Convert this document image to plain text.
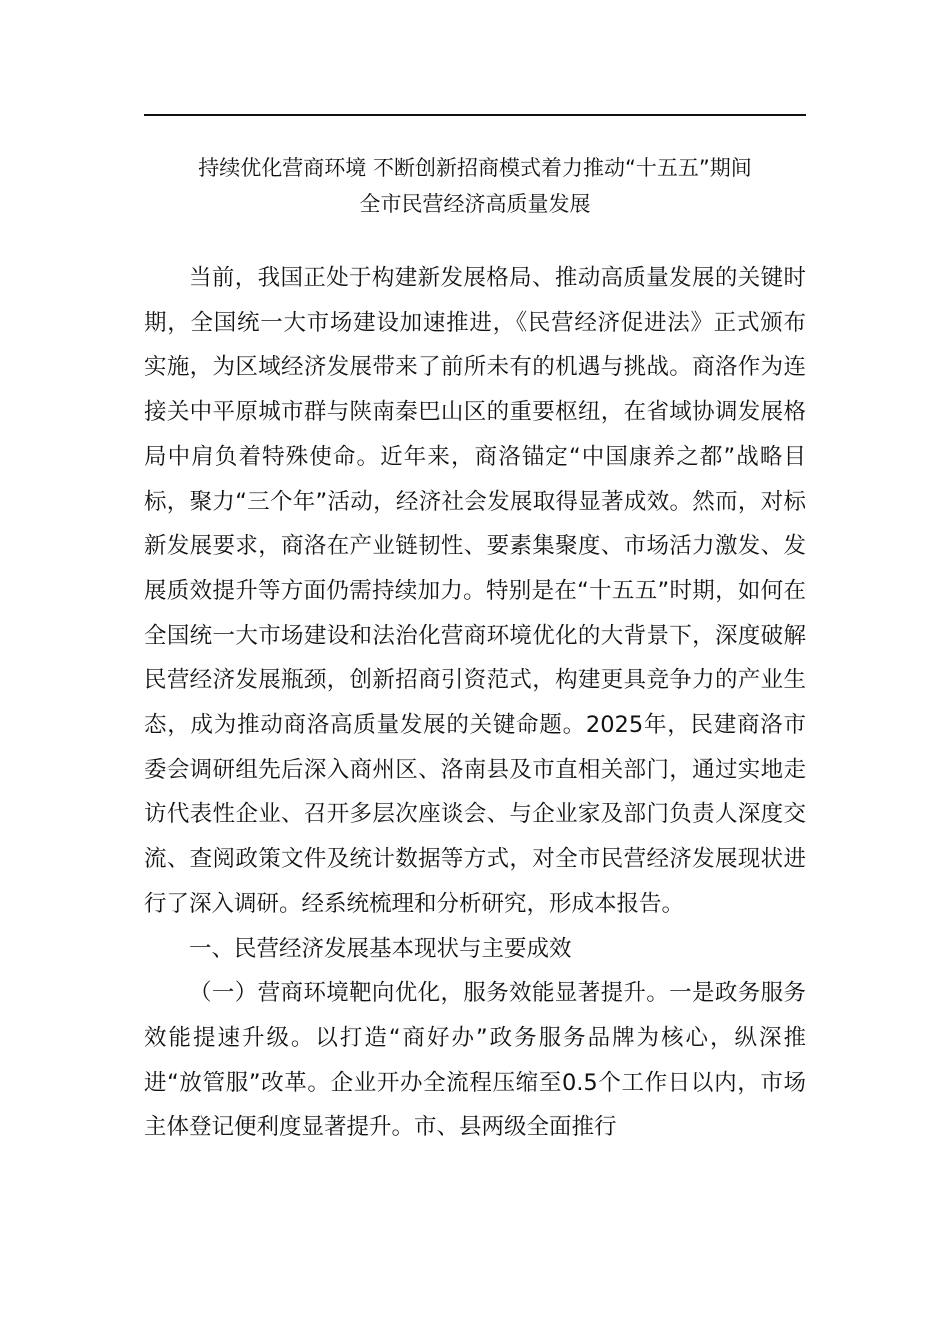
持续优化营商环境 不断创新招商模式着力推动“十五五”期间
全市民营经济高质量发展

当前，我国正处于构建新发展格局、推动高质量发展的关键时期，全国统一大市场建设加速推进，《民营经济促进法》正式颁布实施，为区域经济发展带来了前所未有的机遇与挑战。商洛作为连接关中平原城市群与陕南秦巴山区的重要枢纽，在省域协调发展格局中肩负着特殊使命。近年来，商洛锚定“中国康养之都”战略目标，聚力“三个年”活动，经济社会发展取得显著成效。然而，对标新发展要求，商洛在产业链韧性、要素集聚度、市场活力激发、发展质效提升等方面仍需持续加力。特别是在“十五五”时期，如何在全国统一大市场建设和法治化营商环境优化的大背景下，深度破解民营经济发展瓶颈，创新招商引资范式，构建更具竞争力的产业生态，成为推动商洛高质量发展的关键命题。2025年，民建商洛市委会调研组先后深入商州区、洛南县及市直相关部门，通过实地走访代表性企业、召开多层次座谈会、与企业家及部门负责人深度交流、查阅政策文件及统计数据等方式，对全市民营经济发展现状进行了深入调研。经系统梳理和分析研究，形成本报告。

一、民营经济发展基本现状与主要成效

（一）营商环境靶向优化，服务效能显著提升。一是政务服务效能提速升级。以打造“商好办”政务服务品牌为核心，纵深推进“放管服”改革。企业开办全流程压缩至0.5个工作日以内，市场主体登记便利度显著提升。市、县两级全面推行
